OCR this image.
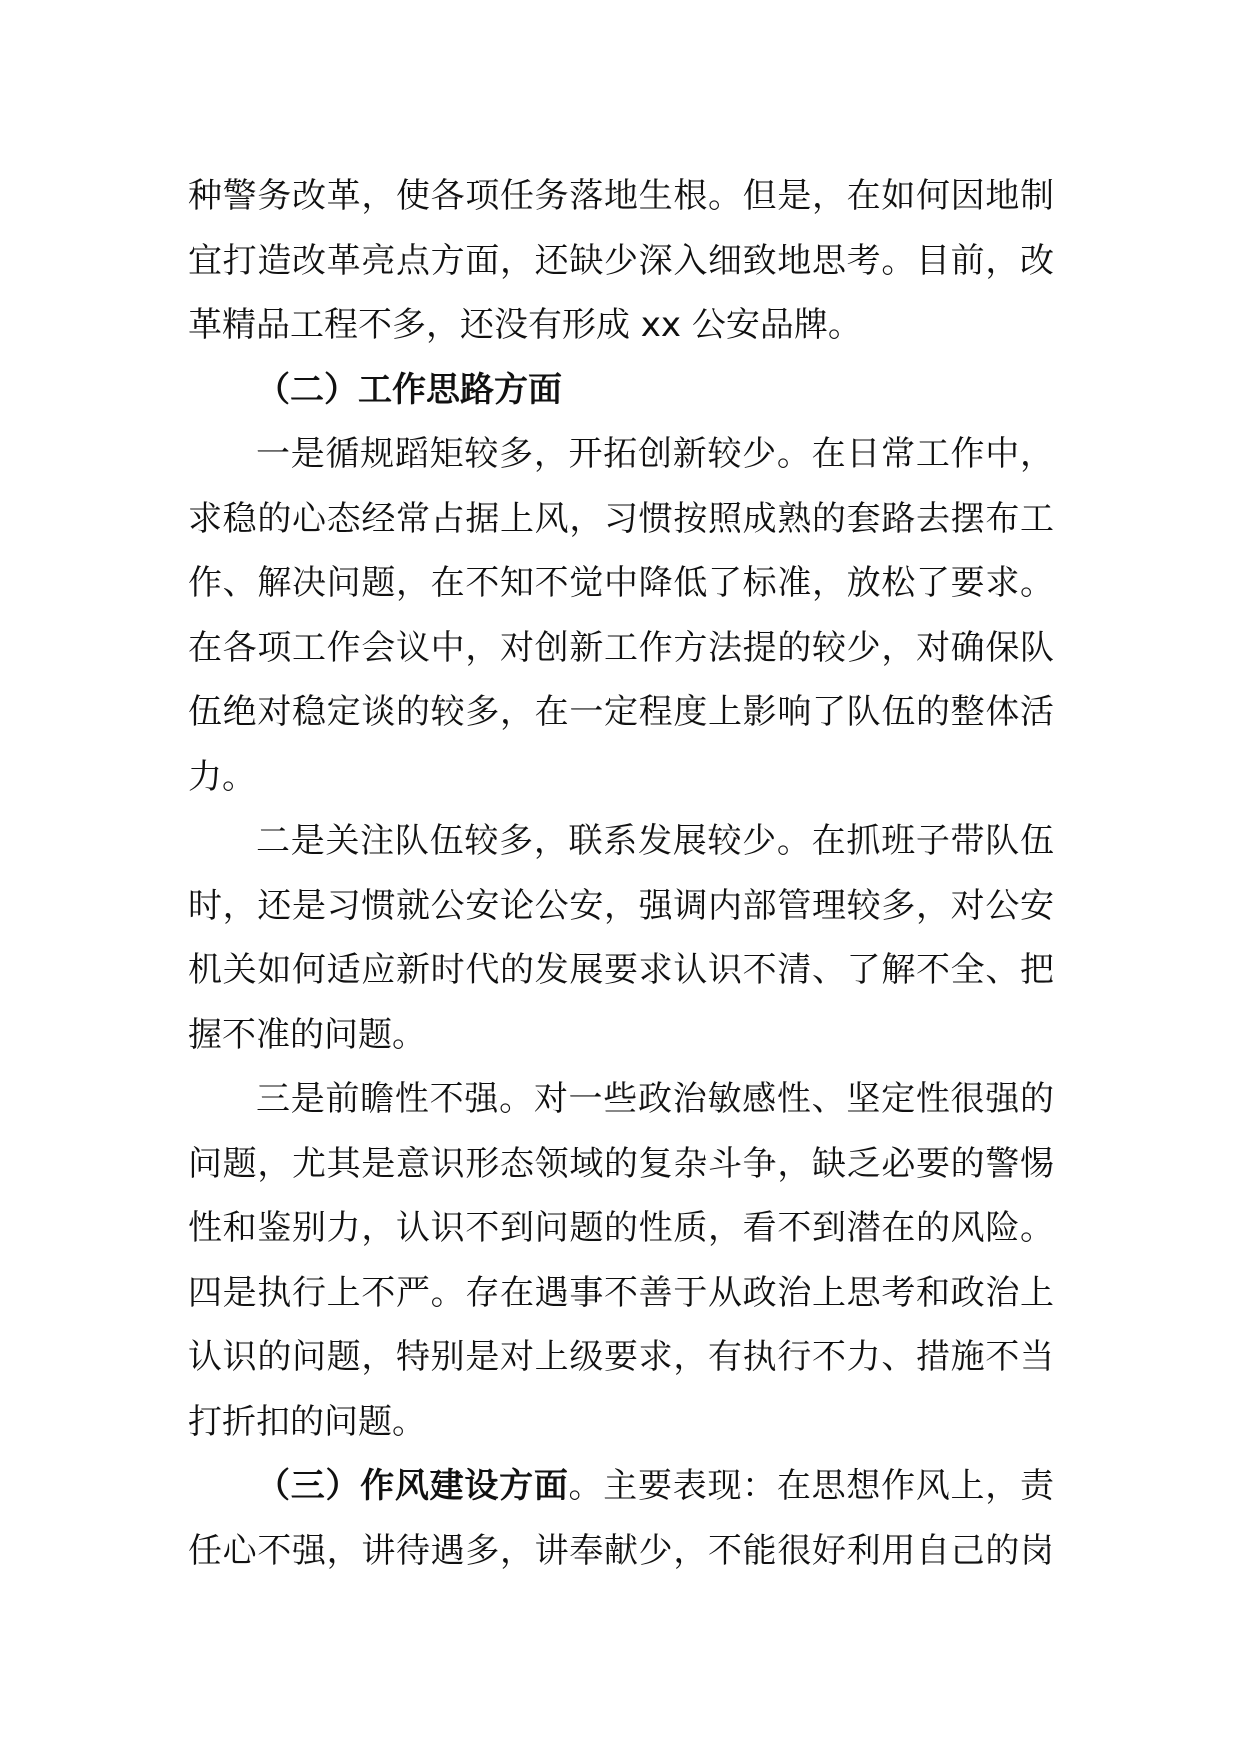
种警务改革，使各项任务落地生根。但是，在如何因地制
宜打造改革亮点方面，还缺少深入细致地思考。目前，改
革精品工程不多，还没有形成 xx 公安品牌。
（二）工作思路方面
一是循规蹈矩较多，开拓创新较少。在日常工作中，
求稳的心态经常占据上风，习惯按照成熟的套路去摆布工
作、解决问题，在不知不觉中降低了标准，放松了要求。
在各项工作会议中，对创新工作方法提的较少，对确保队
伍绝对稳定谈的较多，在一定程度上影响了队伍的整体活
力。
二是关注队伍较多，联系发展较少。在抓班子带队伍
时，还是习惯就公安论公安，强调内部管理较多，对公安
机关如何适应新时代的发展要求认识不清、了解不全、把
握不准的问题。
三是前瞻性不强。对一些政治敏感性、坚定性很强的
问题，尤其是意识形态领域的复杂斗争，缺乏必要的警惕
性和鉴别力，认识不到问题的性质，看不到潜在的风险。
四是执行上不严。存在遇事不善于从政治上思考和政治上
认识的问题，特别是对上级要求，有执行不力、措施不当
打折扣的问题。
（三）作风建设方面。主要表现：在思想作风上，责
任心不强，讲待遇多，讲奉献少，不能很好利用自己的岗
